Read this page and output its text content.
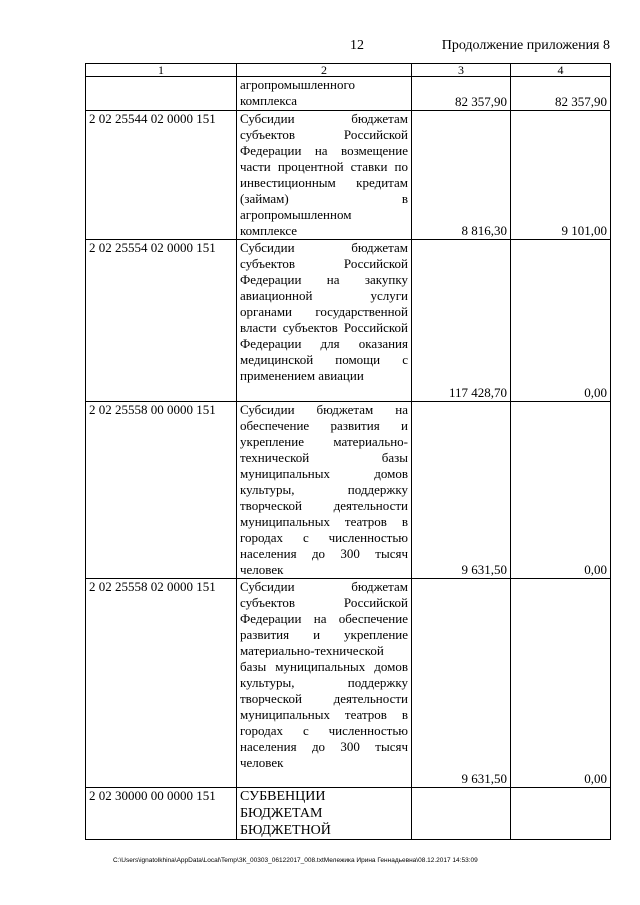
12	Продолжение приложения 8
1	2	3	4
	агропромышленного комплекса	82 357,90	82 357,90
2 02 25544 02 0000 151	Субсидии бюджетам субъектов Российской Федерации на возмещение части процентной ставки по инвестиционным кредитам (займам) в агропромышленном комплексе	8 816,30	9 101,00
2 02 25554 02 0000 151	Субсидии бюджетам субъектов Российской Федерации на закупку авиационной услуги органами государственной власти субъектов Российской Федерации для оказания медицинской помощи с применением авиации	117 428,70	0,00
2 02 25558 00 0000 151	Субсидии бюджетам на обеспечение развития и укрепление материально-технической базы муниципальных домов культуры, поддержку творческой деятельности муниципальных театров в городах с численностью населения до 300 тысяч человек	9 631,50	0,00
2 02 25558 02 0000 151	Субсидии бюджетам субъектов Российской Федерации на обеспечение развития и укрепление материально-технической базы муниципальных домов культуры, поддержку творческой деятельности муниципальных театров в городах с численностью населения до 300 тысяч человек	9 631,50	0,00
2 02 30000 00 0000 151	СУБВЕНЦИИ БЮДЖЕТАМ БЮДЖЕТНОЙ		
C:\Users\ignatolkhina\AppData\Local\Temp\ЗК_00303_06122017_008.txtМележика Ирина Геннадьевна\08.12.2017 14:53:09
